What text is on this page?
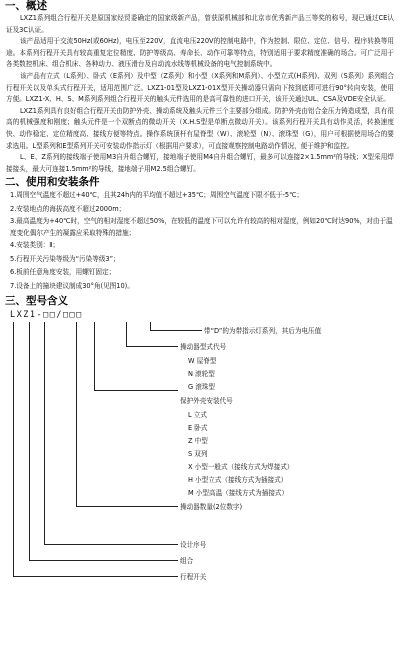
一、概述

LXZ1系列组合行程开关是原国家经贸委确定的国家级新产品，曾获原机械部和北京市优秀新产品三等奖的称号，现已通过CE认证及3C认证。

该产品适用于交流50Hz(或60Hz)，电压至220V，直流电压220V的控制电路中，作为控制、限位、定位、信号、程序转换等用途。本系列行程开关具有较高重复定位精度、防护等级高、寿命长、动作可靠等特点，特别适用于要求精度准确的场合。可广泛用于各类数控机床、组合机床、各种动力、液压滑台及自动流水线等机械设备的电气控制系统中。

该产品有立式（L系列）、卧式（E系列）及中型（Z系列）和小型（X系列和M系列）、小型立式(H系列)、双列（S系列）系列组合行程开关以及单头式行程开关，适用范围广泛。LXZ1-01型及LXZ1-01X型开关操动器只需向下按到底即可进行90°转向安装，使用方便。LXZ1-X、H、S、M系列系列组合行程开关的触头元件选用的是高可靠性的进口开关，该开关通过UL、CSA及VDE安全认证。

LXZ1系列具有良好组合行程开关由防护外壳、操动系统及触头元件三个主要部分组成。防护外壳由铝合金压力铸造成型，具有很高的机械强度和刚度；触头元件是一个双断点的微动开关（X.H.S型是单断点微动开关）。该系列行程开关具有动作灵活，转换速度快、动作稳定、定位精度高、接线方便等特点。操作系统顶杆有屋脊型（W）、滚轮型（N）、滚珠型（G），用户可根据使用场合的要求选用。L型系列和E型系列开关可安装动作指示灯（根据用户要求），可直接观察控制电路动作情况，便于维护和监控。

L、E、Z系列的接线端子使用M3自升组合螺钉，接地端子使用M4自升组合螺钉，最多可以连接2×1.5mm²的导线；X型采用焊接接头，最大可连接1.5mm²的导线，接地端子用M2.5组合螺钉。

二、使用和安装条件

1.周围空气温度不超过+40℃，且其24h内的平均值不超过+35℃；周围空气温度下限不低于-5℃；

2.安装地点的海拔高度不超过2000m；

3.最高温度为+40℃时，空气的相对湿度不超过50%，在较低的温度下可以允许有较高的相对湿度，例如20℃时达90%，对由于温度变化偶尔产生的凝露应采取特殊的措施；

4.安装类别：Ⅱ；

5.行程开关污染等级为“污染等级3”；

6.板前任意角度安装，用螺钉固定；

7.设备上的撞块建议制成30°角(见图10)。

三、型号含义
LXZ1-□□/□□□
带“D”的为带指示灯系列，其后为电压值
操动器型式代号
W 屋脊型
N 滚轮型
G 滚珠型
保护外壳安装代号
L 立式
E 卧式
Z 中型
S 双列
X 小型一般式（接线方式为焊接式）
H 小型立式（接线方式为插接式）
M 小型高温（接线方式为插接式）
操动器数量(2位数字)
设计序号
组合
行程开关
